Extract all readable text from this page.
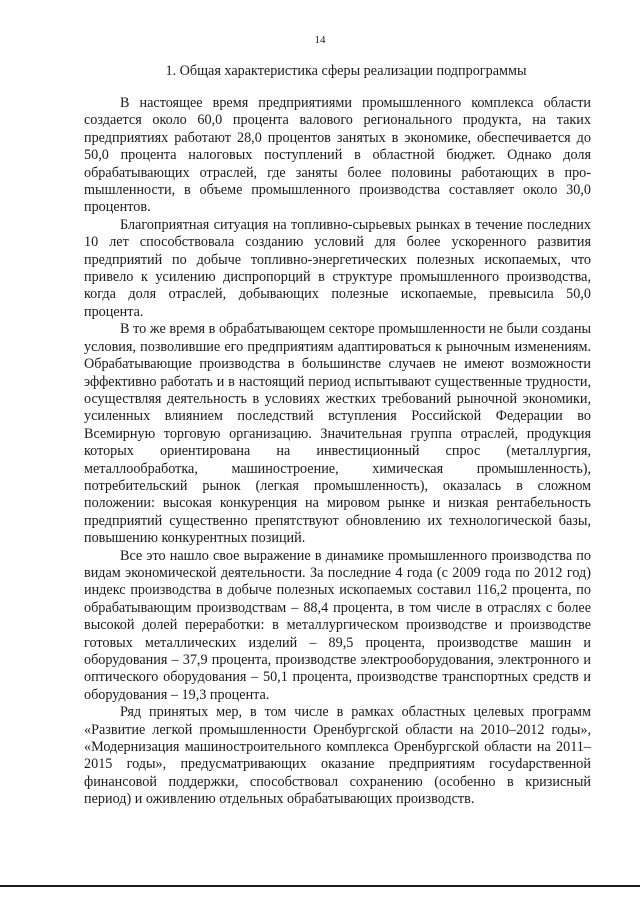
14
1. Общая характеристика сферы реализации подпрограммы

В настоящее время предприятиями промышленного комплекса области создается около 60,0 процента валового регионального продукта, на таких предприятиях работают 28,0 процентов занятых в экономике, обеспечивается до 50,0 процента налоговых поступлений в областной бюджет. Однако доля обрабатывающих отраслей, где заняты более половины работающих в проmышленности, в объеме промышленного производства составляет около 30,0 процентов.

Благоприятная ситуация на топливно-сырьевых рынках в течение последних 10 лет способствовала созданию условий для более ускоренного развития предприятий по добыче топливно-энергетических полезных ископаемых, что привело к усилению диспропорций в структуре промышленного производства, когда доля отраслей, добывающих полезные ископаемые, превысила 50,0 процента.

В то же время в обрабатывающем секторе промышленности не были созданы условия, позволившие его предприятиям адаптироваться к рыночным изменениям. Обрабатывающие производства в большинстве случаев не имеют возможности эффективно работать и в настоящий период испытывают существенные трудности, осуществляя деятельность в условиях жестких требований рыночной экономики, усиленных влиянием последствий вступления Российской Федерации во Всемирную торговую организацию. Значительная группа отраслей, продукция которых ориентирована на инвестиционный спрос (металлургия, металлообработка, машиностроение, химическая промышленность), потребительский рынок (легкая промышленность), оказалась в сложном положении: высокая конкуренция на мировом рынке и низкая рентабельность предприятий существенно препятствуют обновлению их технологической базы, повышению конкурентных позиций.

Все это нашло свое выражение в динамике промышленного производства по видам экономической деятельности. За последние 4 года (с 2009 года по 2012 год) индекс производства в добыче полезных ископаемых составил 116,2 процента, по обрабатывающим производствам – 88,4 процента, в том числе в отраслях с более высокой долей переработки: в металлургическом производстве и производстве готовых металлических изделий – 89,5 процента, производстве машин и оборудования – 37,9 процента, производстве электрооборудования, электронного и оптического оборудования – 50,1 процента, производстве транспортных средств и оборудования – 19,3 процента.

Ряд принятых мер, в том числе в рамках областных целевых программ «Развитие легкой промышленности Оренбургской области на 2010–2012 годы», «Модернизация машиностроительного комплекса Оренбургской области на 2011–2015 годы», предусматривающих оказание предприятиям госуdарственной финансовой поддержки, способствовал сохранению (особенно в кризисный период) и оживлению отдельных обрабатывающих производств.
